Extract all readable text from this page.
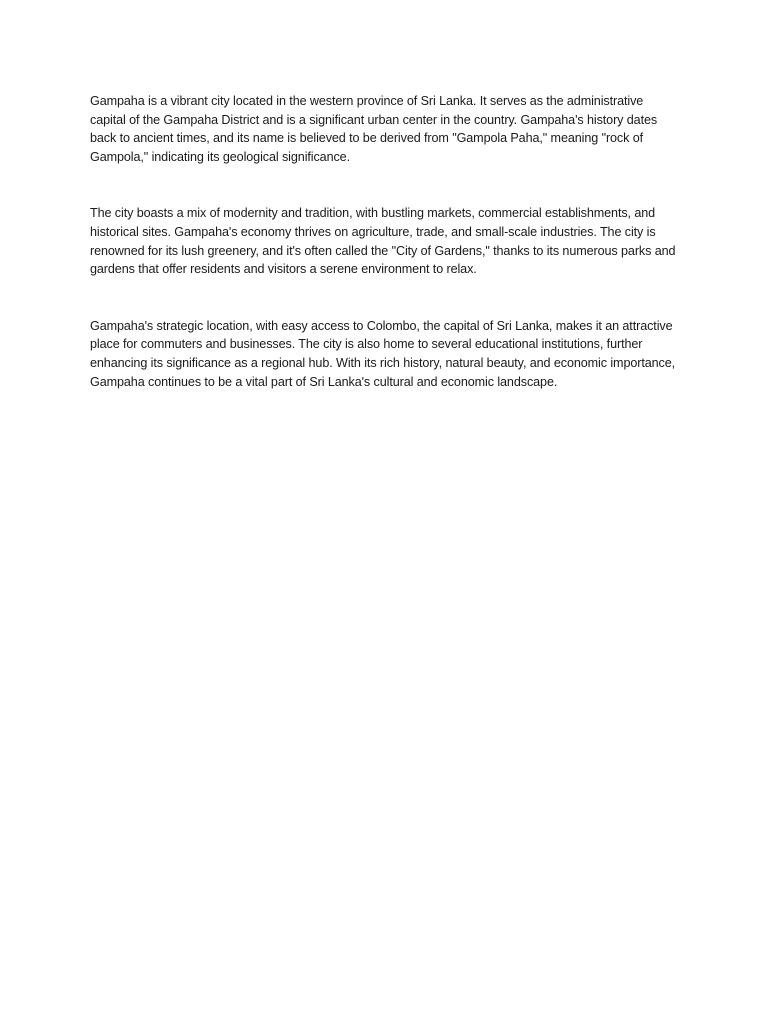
Gampaha is a vibrant city located in the western province of Sri Lanka. It serves as the administrative capital of the Gampaha District and is a significant urban center in the country. Gampaha's history dates back to ancient times, and its name is believed to be derived from "Gampola Paha," meaning "rock of Gampola," indicating its geological significance.

The city boasts a mix of modernity and tradition, with bustling markets, commercial establishments, and historical sites. Gampaha's economy thrives on agriculture, trade, and small-scale industries. The city is renowned for its lush greenery, and it's often called the "City of Gardens," thanks to its numerous parks and gardens that offer residents and visitors a serene environment to relax.

Gampaha's strategic location, with easy access to Colombo, the capital of Sri Lanka, makes it an attractive place for commuters and businesses. The city is also home to several educational institutions, further enhancing its significance as a regional hub. With its rich history, natural beauty, and economic importance, Gampaha continues to be a vital part of Sri Lanka's cultural and economic landscape.
